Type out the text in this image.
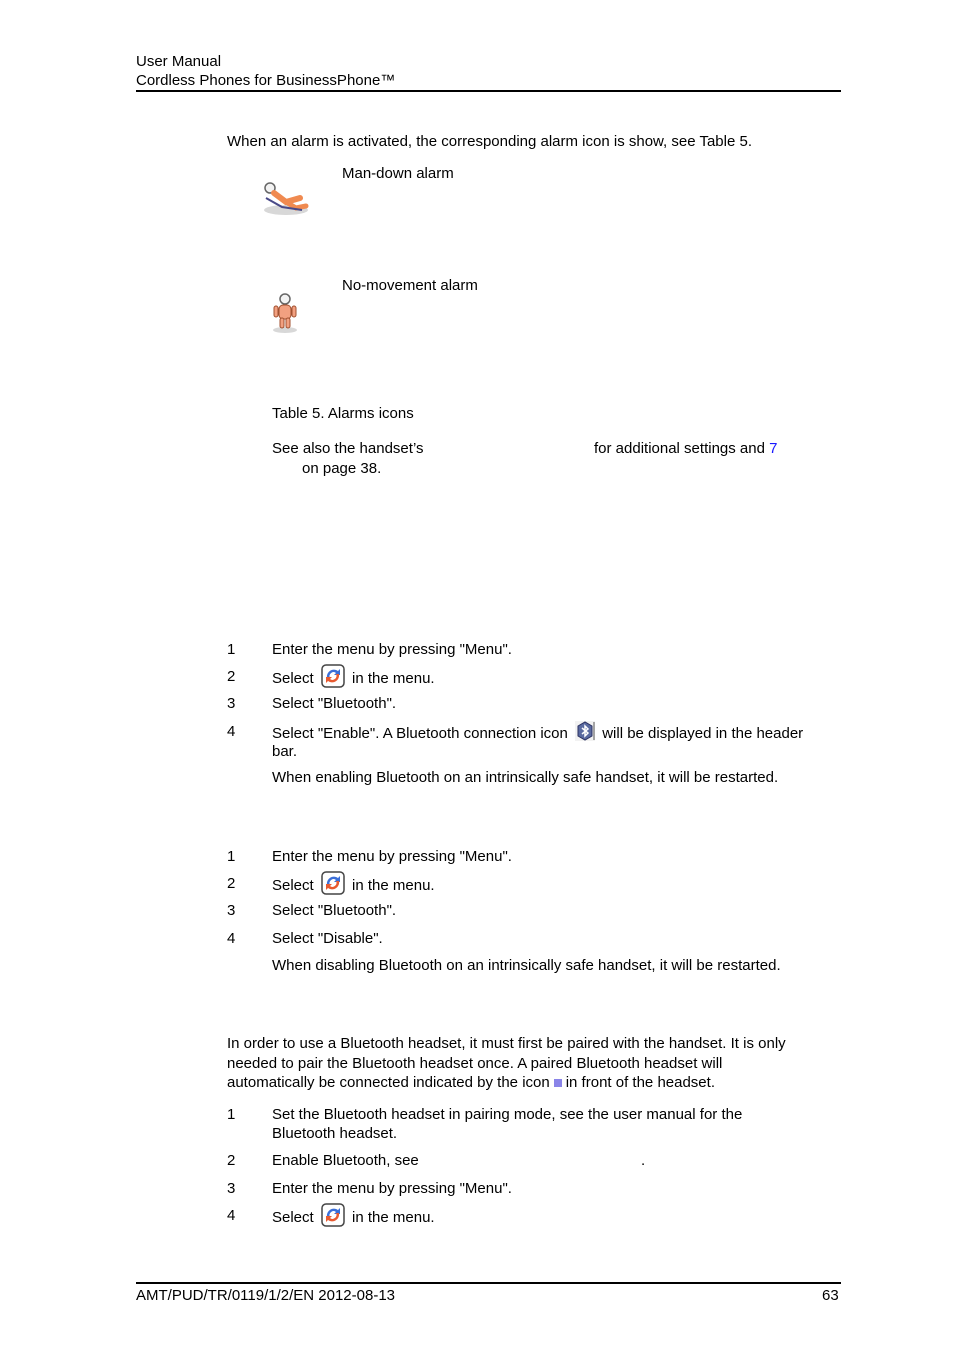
User Manual
Cordless Phones for BusinessPhone™
When an alarm is activated, the corresponding alarm icon is show, see Table 5.
Man-down alarm
No-movement alarm
Table 5. Alarms icons
See also the handset’s	for additional settings and 7
on page 38.
1 Enter the menu by pressing "Menu".
2 Select	in the menu.
3 Select "Bluetooth".
4 Select "Enable". A Bluetooth connection icon will be displayed in the header
bar.
When enabling Bluetooth on an intrinsically safe handset, it will be restarted.
1 Enter the menu by pressing "Menu".
2 Select	in the menu.
3 Select "Bluetooth".
4 Select "Disable".
When disabling Bluetooth on an intrinsically safe handset, it will be restarted.
In order to use a Bluetooth headset, it must first be paired with the handset. It is only
needed to pair the Bluetooth headset once. A paired Bluetooth headset will
automatically be connected indicated by the icon in front of the headset.
1 Set the Bluetooth headset in pairing mode, see the user manual for the
Bluetooth headset.
2 Enable Bluetooth, see	.
3 Enter the menu by pressing "Menu".
4 Select	in the menu.
AMT/PUD/TR/0119/1/2/EN 2012-08-13	63
